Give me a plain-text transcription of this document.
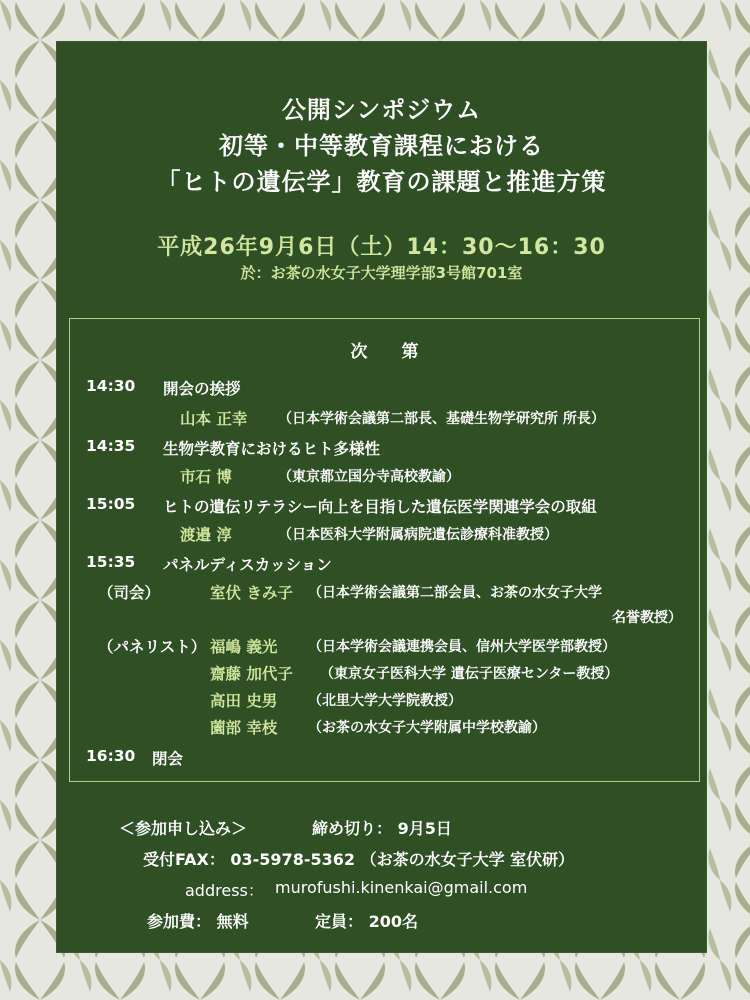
公開シンポジウム
初等・中等教育課程における
「ヒトの遺伝学」教育の課題と推進方策
平成26年9月6日（土）14：30〜16：30
於：お茶の水女子大学理学部3号館701室
次　　第
14:30 開会の挨拶
山本 正幸 （日本学術会議第二部長、基礎生物学研究所 所長）
14:35 生物学教育におけるヒト多様性
市石 博	（東京都立国分寺高校教諭）
15:05 ヒトの遺伝リテラシー向上を目指した遺伝医学関連学会の取組
渡邉 淳	（日本医科大学附属病院遺伝診療科准教授）
15:35 パネルディスカッション
（司会）	室伏 きみ子 （日本学術会議第二部会員、お茶の水女子大学
名誉教授）
（パネリスト） 福嶋 義光 （日本学術会議連携会員、信州大学医学部教授）
齋藤 加代子 （東京女子医科大学 遺伝子医療センター教授）
高田 史男 （北里大学大学院教授）
薗部 幸枝 （お茶の水女子大学附属中学校教諭）
16:30 閉会
＜参加申し込み＞	締め切り： 9月5日
受付FAX： 03-5978-5362 （お茶の水女子大学 室伏研）
address： murofushi.kinenkai@gmail.com
参加費： 無料	定員： 200名
